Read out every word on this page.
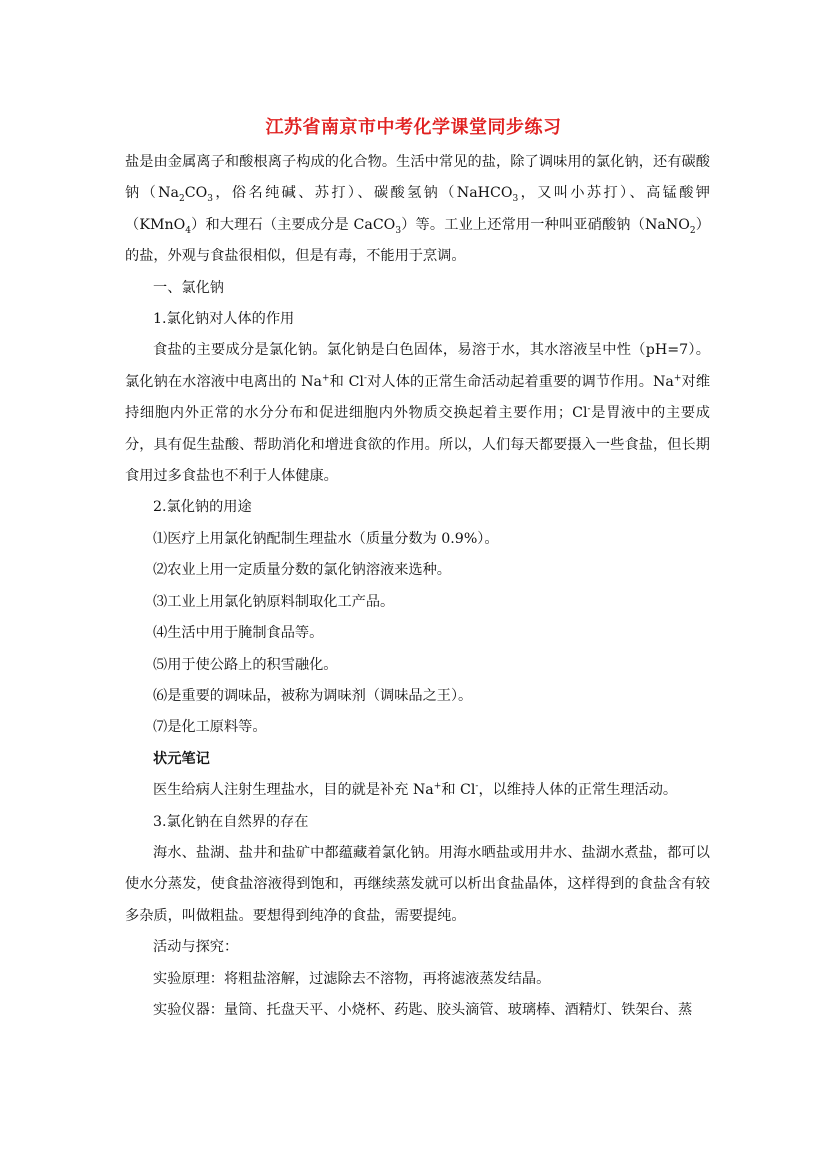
江苏省南京市中考化学课堂同步练习

盐是由金属离子和酸根离子构成的化合物。生活中常见的盐，除了调味用的氯化钠，还有碳酸钠（$Na_2CO_3$，俗名纯碱、苏打）、碳酸氢钠（NaHCO$_3$，又叫小苏打）、高锰酸钾（KMnO$_4$）和大理石（主要成分是 CaCO$_3$）等。工业上还常用一种叫亚硝酸钠（NaNO$_2$）的盐，外观与食盐很相似，但是有毒，不能用于烹调。

一、氯化钠

1.氯化钠对人体的作用

食盐的主要成分是氯化钠。氯化钠是白色固体，易溶于水，其水溶液呈中性（pH=7）。氯化钠在水溶液中电离出的 Na+和 Cl-对人体的正常生命活动起着重要的调节作用。Na+对维持细胞内外正常的水分分布和促进细胞内外物质交换起着主要作用；Cl-是胃液中的主要成分，具有促生盐酸、帮助消化和增进食欲的作用。所以，人们每天都要摄入一些食盐，但长期食用过多食盐也不利于人体健康。

2.氯化钠的用途

⑴医疗上用氯化钠配制生理盐水（质量分数为 0.9%）。

⑵农业上用一定质量分数的氯化钠溶液来选种。

⑶工业上用氯化钠原料制取化工产品。

⑷生活中用于腌制食品等。

⑸用于使公路上的积雪融化。

⑹是重要的调味品，被称为调味剂（调味品之王）。

⑺是化工原料等。

状元笔记

医生给病人注射生理盐水，目的就是补充 Na+和 Cl-，以维持人体的正常生理活动。

3.氯化钠在自然界的存在

海水、盐湖、盐井和盐矿中都蕴藏着氯化钠。用海水晒盐或用井水、盐湖水煮盐，都可以使水分蒸发，使食盐溶液得到饱和，再继续蒸发就可以析出食盐晶体，这样得到的食盐含有较多杂质，叫做粗盐。要想得到纯净的食盐，需要提纯。

活动与探究：

实验原理：将粗盐溶解，过滤除去不溶物，再将滤液蒸发结晶。

实验仪器：量筒、托盘天平、小烧杯、药匙、胶头滴管、玻璃棒、酒精灯、铁架台、蒸
